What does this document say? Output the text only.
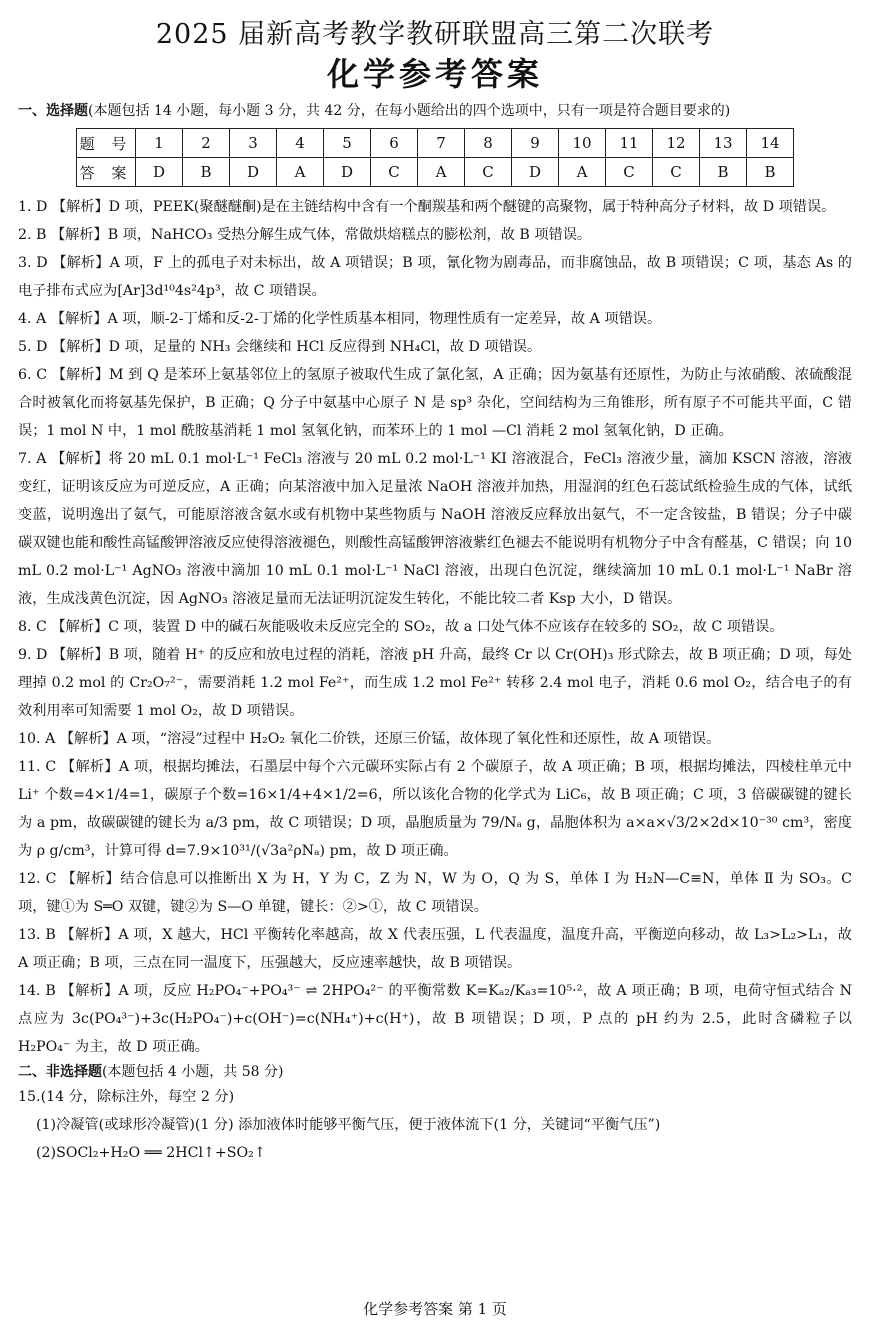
2025 届新高考教学教研联盟高三第二次联考
化学参考答案
一、选择题(本题包括 14 小题，每小题 3 分，共 42 分，在每小题给出的四个选项中，只有一项是符合题目要求的)
题 号	1	2	3	4	5	6	7	8	9	10	11	12	13	14
答 案	D	B	D	A	D	C	A	C	D	A	C	C	B	B
1. D 【解析】D 项，PEEK(聚醚醚酮)是在主链结构中含有一个酮羰基和两个醚键的高聚物，属于特种高分子材料，故 D 项错误。
2. B 【解析】B 项，NaHCO₃ 受热分解生成气体，常做烘焙糕点的膨松剂，故 B 项错误。
3. D 【解析】A 项，F 上的孤电子对未标出，故 A 项错误；B 项，氰化物为剧毒品，而非腐蚀品，故 B 项错误；C 项，基态 As 的电子排布式应为[Ar]3d¹⁰4s²4p³，故 C 项错误。
4. A 【解析】A 项，顺-2-丁烯和反-2-丁烯的化学性质基本相同，物理性质有一定差异，故 A 项错误。
5. D 【解析】D 项，足量的 NH₃ 会继续和 HCl 反应得到 NH₄Cl，故 D 项错误。
6. C 【解析】M 到 Q 是苯环上氨基邻位上的氢原子被取代生成了氯化氢，A 正确；因为氨基有还原性，为防止与浓硝酸、浓硫酸混合时被氧化而将氨基先保护，B 正确；Q 分子中氨基中心原子 N 是 sp³ 杂化，空间结构为三角锥形，所有原子不可能共平面，C 错误；1 mol N 中，1 mol 酰胺基消耗 1 mol 氢氧化钠，而苯环上的 1 mol —Cl 消耗 2 mol 氢氧化钠，D 正确。
7. A 【解析】将 20 mL 0.1 mol·L⁻¹ FeCl₃ 溶液与 20 mL 0.2 mol·L⁻¹ KI 溶液混合，FeCl₃ 溶液少量，滴加 KSCN 溶液，溶液变红，证明该反应为可逆反应，A 正确；向某溶液中加入足量浓 NaOH 溶液并加热，用湿润的红色石蕊试纸检验生成的气体，试纸变蓝，说明逸出了氨气，可能原溶液含氨水或有机物中某些物质与 NaOH 溶液反应释放出氨气，不一定含铵盐，B 错误；分子中碳碳双键也能和酸性高锰酸钾溶液反应使得溶液褪色，则酸性高锰酸钾溶液紫红色褪去不能说明有机物分子中含有醛基，C 错误；向 10 mL 0.2 mol·L⁻¹ AgNO₃ 溶液中滴加 10 mL 0.1 mol·L⁻¹ NaCl 溶液，出现白色沉淀，继续滴加 10 mL 0.1 mol·L⁻¹ NaBr 溶液，生成浅黄色沉淀，因 AgNO₃ 溶液足量而无法证明沉淀发生转化，不能比较二者 Ksp 大小，D 错误。
8. C 【解析】C 项，装置 D 中的碱石灰能吸收未反应完全的 SO₂，故 a 口处气体不应该存在较多的 SO₂，故 C 项错误。
9. D 【解析】B 项，随着 H⁺ 的反应和放电过程的消耗，溶液 pH 升高，最终 Cr 以 Cr(OH)₃ 形式除去，故 B 项正确；D 项，每处理掉 0.2 mol 的 Cr₂O₇²⁻，需要消耗 1.2 mol Fe²⁺，而生成 1.2 mol Fe²⁺ 转移 2.4 mol 电子，消耗 0.6 mol O₂，结合电子的有效利用率可知需要 1 mol O₂，故 D 项错误。
10. A 【解析】A 项，“溶浸”过程中 H₂O₂ 氧化二价铁，还原三价锰，故体现了氧化性和还原性，故 A 项错误。
11. C 【解析】A 项，根据均摊法，石墨层中每个六元碳环实际占有 2 个碳原子，故 A 项正确；B 项，根据均摊法，四棱柱单元中 Li⁺ 个数=4×1/4=1，碳原子个数=16×1/4+4×1/2=6，所以该化合物的化学式为 LiC₆，故 B 项正确；C 项，3 倍碳碳键的键长为 a pm，故碳碳键的键长为 a/3 pm，故 C 项错误；D 项，晶胞质量为 79/Nₐ g，晶胞体积为 a×a×√3/2×2d×10⁻³⁰ cm³，密度为 ρ g/cm³，计算可得 d=7.9×10³¹/(√3a²ρNₐ) pm，故 D 项正确。
12. C 【解析】结合信息可以推断出 X 为 H，Y 为 C，Z 为 N，W 为 O，Q 为 S，单体 Ⅰ 为 H₂N—C≡N，单体 Ⅱ 为 SO₃。C 项，键①为 S═O 双键，键②为 S—O 单键，键长：②>①，故 C 项错误。
13. B 【解析】A 项，X 越大，HCl 平衡转化率越高，故 X 代表压强，L 代表温度，温度升高，平衡逆向移动，故 L₃>L₂>L₁，故 A 项正确；B 项，三点在同一温度下，压强越大，反应速率越快，故 B 项错误。
14. B 【解析】A 项，反应 H₂PO₄⁻+PO₄³⁻ ⇌ 2HPO₄²⁻ 的平衡常数 K=Kₐ₂/Kₐ₃=10⁵·²，故 A 项正确；B 项，电荷守恒式结合 N 点应为 3c(PO₄³⁻)+3c(H₂PO₄⁻)+c(OH⁻)=c(NH₄⁺)+c(H⁺)，故 B 项错误；D 项，P 点的 pH 约为 2.5，此时含磷粒子以 H₂PO₄⁻ 为主，故 D 项正确。
二、非选择题(本题包括 4 小题，共 58 分)
15.(14 分，除标注外，每空 2 分)
(1)冷凝管(或球形冷凝管)(1 分) 添加液体时能够平衡气压，便于液体流下(1 分，关键词“平衡气压”)
(2)SOCl₂+H₂O ══ 2HCl↑+SO₂↑
化学参考答案 第 1 页
